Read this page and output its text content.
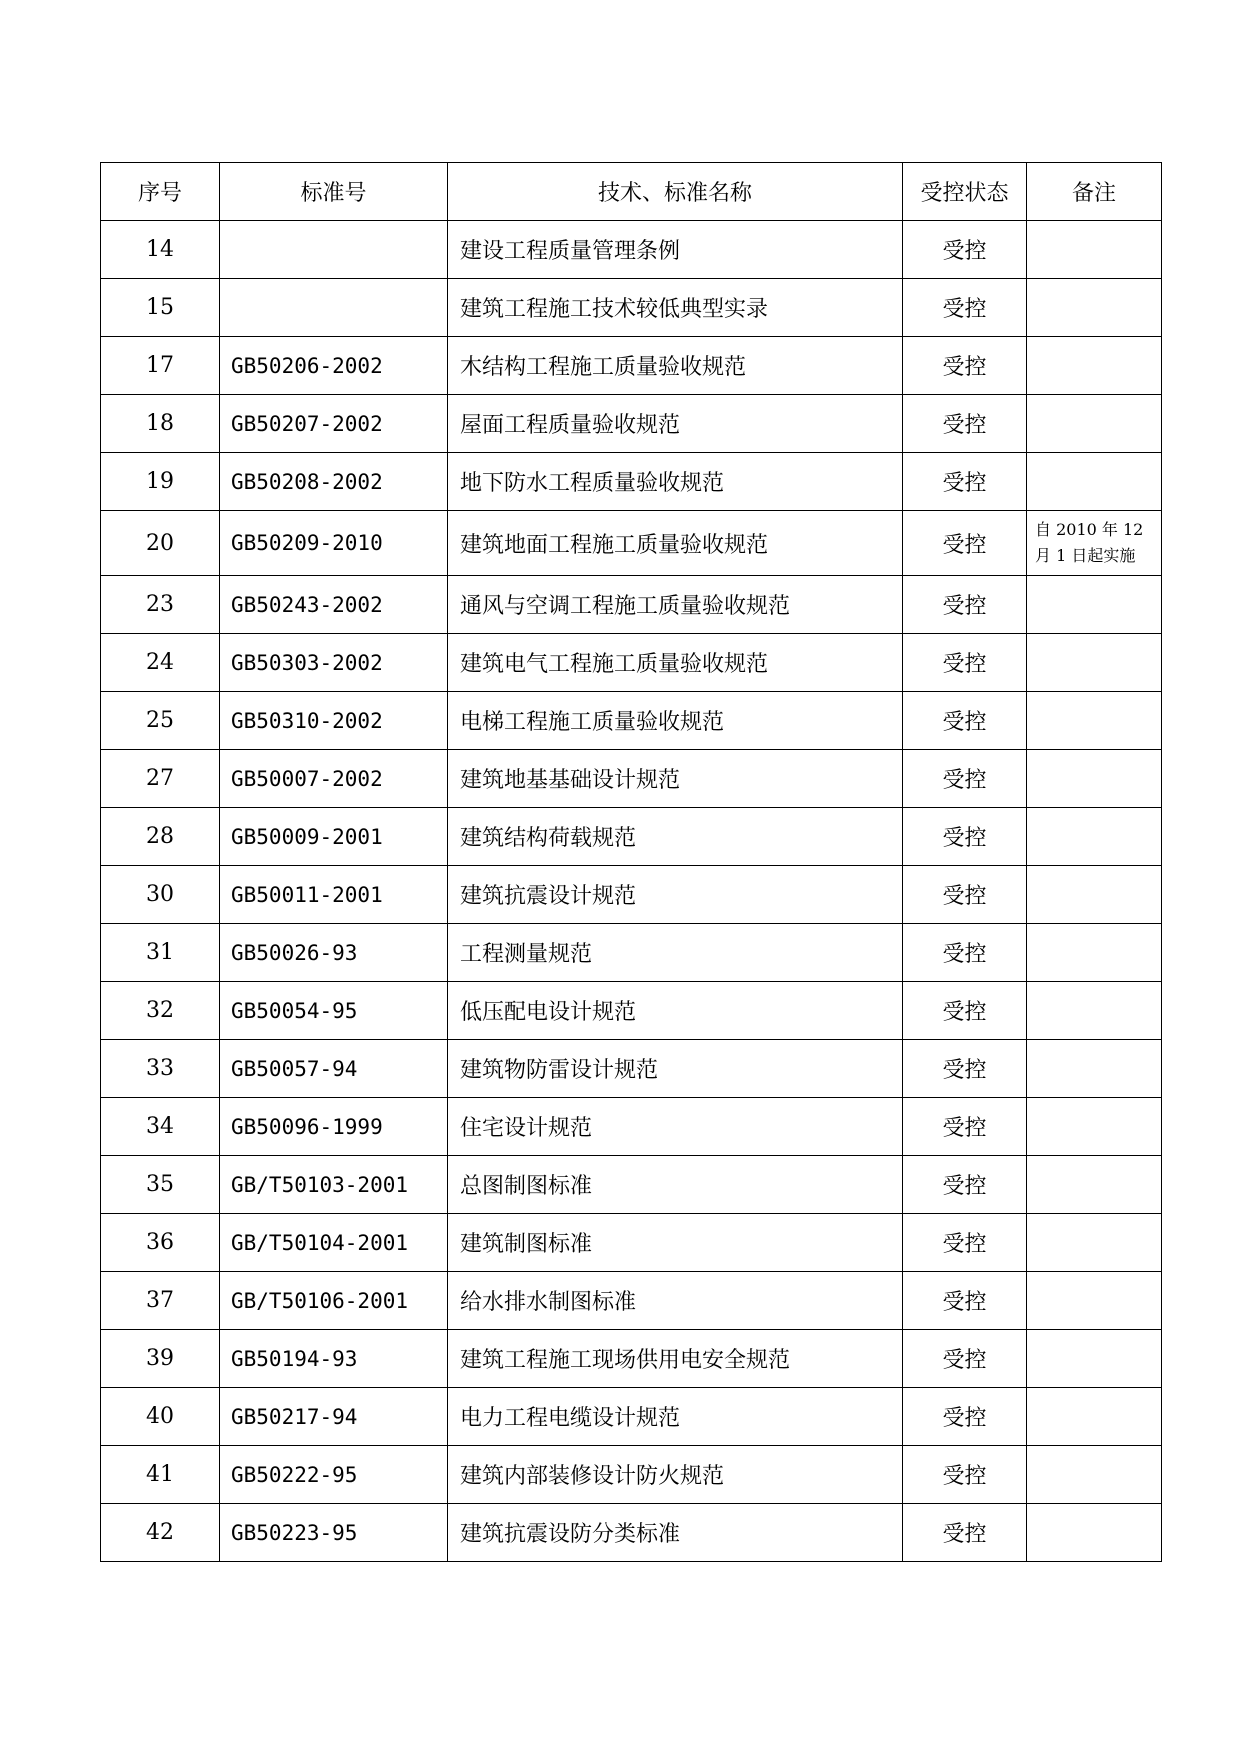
序号	标准号	技术、标准名称	受控状态	备注
14		建设工程质量管理条例	受控	
15		建筑工程施工技术较低典型实录	受控	
17	GB50206-2002	木结构工程施工质量验收规范	受控	
18	GB50207-2002	屋面工程质量验收规范	受控	
19	GB50208-2002	地下防水工程质量验收规范	受控	
20	GB50209-2010	建筑地面工程施工质量验收规范	受控	自 2010 年 12 月 1 日起实施
23	GB50243-2002	通风与空调工程施工质量验收规范	受控	
24	GB50303-2002	建筑电气工程施工质量验收规范	受控	
25	GB50310-2002	电梯工程施工质量验收规范	受控	
27	GB50007-2002	建筑地基基础设计规范	受控	
28	GB50009-2001	建筑结构荷载规范	受控	
30	GB50011-2001	建筑抗震设计规范	受控	
31	GB50026-93	工程测量规范	受控	
32	GB50054-95	低压配电设计规范	受控	
33	GB50057-94	建筑物防雷设计规范	受控	
34	GB50096-1999	住宅设计规范	受控	
35	GB/T50103-2001	总图制图标准	受控	
36	GB/T50104-2001	建筑制图标准	受控	
37	GB/T50106-2001	给水排水制图标准	受控	
39	GB50194-93	建筑工程施工现场供用电安全规范	受控	
40	GB50217-94	电力工程电缆设计规范	受控	
41	GB50222-95	建筑内部装修设计防火规范	受控	
42	GB50223-95	建筑抗震设防分类标准	受控	
